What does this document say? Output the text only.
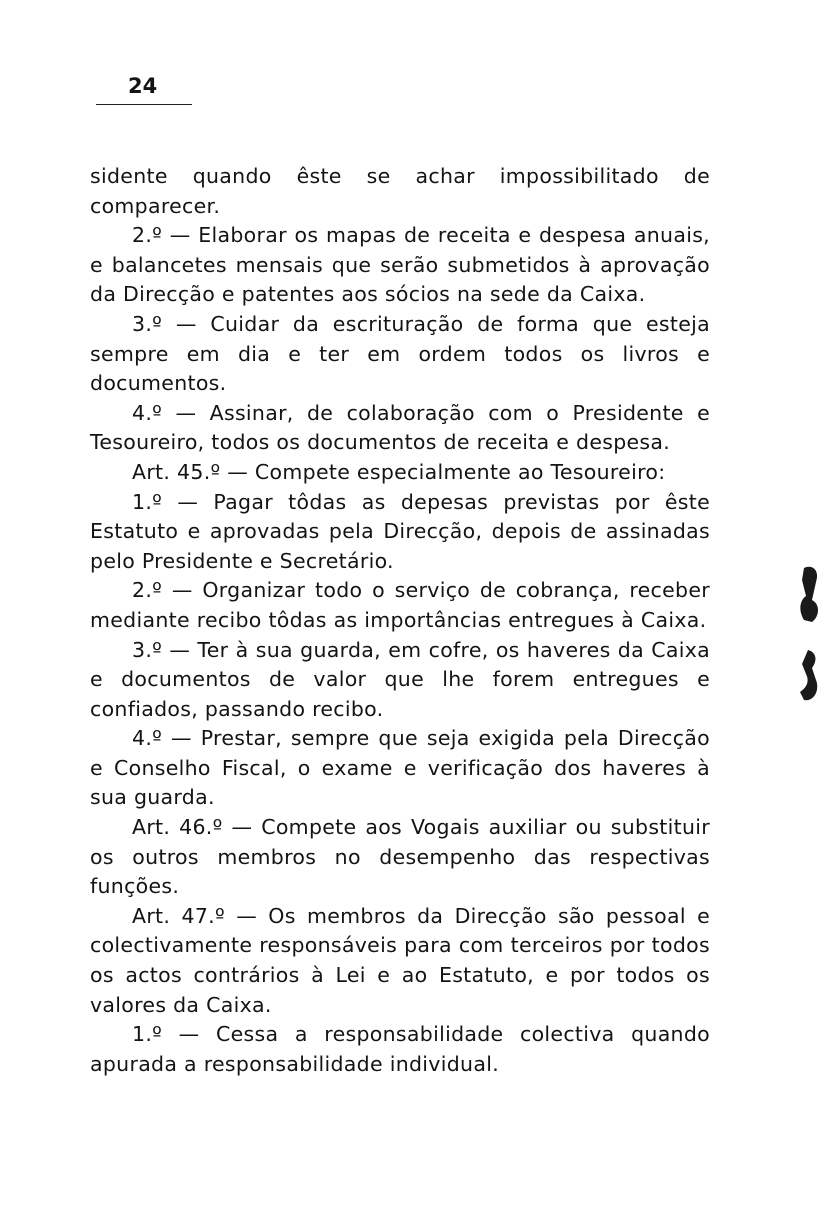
24

sidente quando êste se achar impossibilitado de comparecer.

2.º — Elaborar os mapas de receita e despesa anuais, e balancetes mensais que serão submetidos à aprovação da Direcção e patentes aos sócios na sede da Caixa.

3.º — Cuidar da escrituração de forma que esteja sempre em dia e ter em ordem todos os livros e documentos.

4.º — Assinar, de colaboração com o Presidente e Tesoureiro, todos os documentos de receita e despesa.

Art. 45.º — Compete especialmente ao Tesoureiro:

1.º — Pagar tôdas as depesas previstas por êste Estatuto e aprovadas pela Direcção, depois de assinadas pelo Presidente e Secretário.

2.º — Organizar todo o serviço de cobrança, receber mediante recibo tôdas as importâncias entregues à Caixa.

3.º — Ter à sua guarda, em cofre, os haveres da Caixa e documentos de valor que lhe forem entregues e confiados, passando recibo.

4.º — Prestar, sempre que seja exigida pela Direcção e Conselho Fiscal, o exame e verificação dos haveres à sua guarda.

Art. 46.º — Compete aos Vogais auxiliar ou substituir os outros membros no desempenho das respectivas funções.

Art. 47.º — Os membros da Direcção são pessoal e colectivamente responsáveis para com terceiros por todos os actos contrários à Lei e ao Estatuto, e por todos os valores da Caixa.

1.º — Cessa a responsabilidade colectiva quando apurada a responsabilidade individual.
